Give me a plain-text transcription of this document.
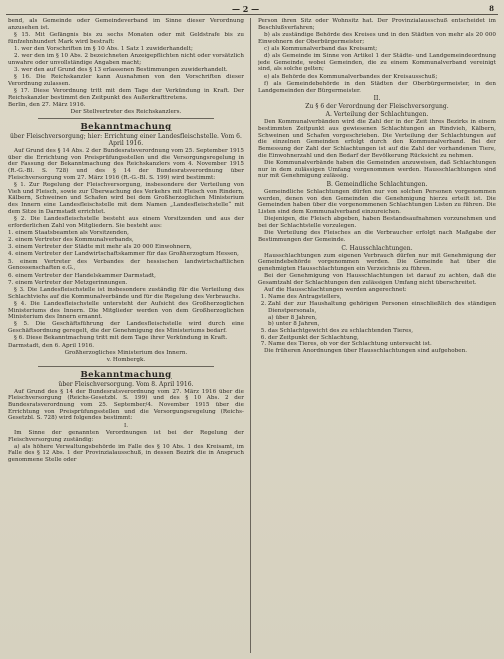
— 2 —	8

bend, als Gemeinde oder Gemeindeverband im Sinne dieser Verordnung anzusehen ist.

§ 15. Mit Gefängnis bis zu sechs Monaten oder mit Geldstrafe bis zu fünfzehnhundert Mark wird bestraft:

1. wer den Vorschriften im § 10 Abs. 1 Satz 1 zuwiderhandelt;

2. wer den im § 10 Abs. 2 bezeichneten Anzeigepflichten nicht oder vorsätzlich unwahre oder unvollständige Angaben macht;

3. wer den auf Grund des § 13 erlassenen Bestimmungen zuwiderhandelt.

§ 16. Die Reichskanzler kann Ausnahmen von den Vorschriften dieser Verordnung zulassen.

§ 17. Diese Verordnung tritt mit dem Tage der Verkündung in Kraft. Der Reichskanzler bestimmt den Zeitpunkt des Außerkrafttretens.

Berlin, den 27. März 1916.

Der Stellvertreter des Reichskanzlers.

Bekanntmachung
über Fleischversorgung; hier: Errichtung einer Landesfleischstelle. Vom 6. April 1916.

Auf Grund des § 14 Abs. 2 der Bundesratsverordnung vom 25. September 1915 über die Errichtung von Preisprüfungsstellen und die Versorgungsregelung in der Fassung der Bekanntmachung des Reichskanzlers vom 4. November 1915 (R.-G.-Bl. S. 728) und des § 14 der Bundesratsverordnung über Fleischversorgung vom 27. März 1916 (R.-G.-Bl. S. 199) wird bestimmt:

§ 1. Zur Regelung der Fleischversorgung, insbesondere der Verteilung von Vieh und Fleisch, sowie zur Überwachung des Verkehrs mit Fleisch von Rindern, Kälbern, Schweinen und Schafen wird bei dem Großherzoglichen Ministerium des Innern eine Landesfleischstelle mit dem Namen „Landesfleischstelle“ mit dem Sitze in Darmstadt errichtet.

§ 2. Die Landesfleischstelle besteht aus einem Vorsitzenden und aus der erforderlichen Zahl von Mitgliedern. Sie besteht aus:

1. einem Staatsbeamten als Vorsitzenden,

2. einem Vertreter des Kommunalverbands,

3. einem Vertreter der Städte mit mehr als 20 000 Einwohnern,

4. einem Vertreter der Landwirtschaftskammer für das Großherzogtum Hessen,

5. einem Vertreter des Verbandes der hessischen landwirtschaftlichen Genossenschaften e.G.,

6. einem Vertreter der Handelskammer Darmstadt,

7. einem Vertreter der Metzgerinnungen.

§ 3. Die Landesfleischstelle ist insbesondere zuständig für die Verteilung des Schlachtviehs auf die Kommunalverbände und für die Regelung des Verbrauchs.

§ 4. Die Landesfleischstelle untersteht der Aufsicht des Großherzoglichen Ministeriums des Innern. Die Mitglieder werden von dem Großherzoglichen Ministerium des Innern ernannt.

§ 5. Die Geschäftsführung der Landesfleischstelle wird durch eine Geschäftsordnung geregelt, die der Genehmigung des Ministeriums bedarf.

§ 6. Diese Bekanntmachung tritt mit dem Tage ihrer Verkündung in Kraft.

Darmstadt, den 6. April 1916.

Großherzogliches Ministerium des Innern.

v. Hombergk.

Bekanntmachung
über Fleischversorgung. Vom 8. April 1916.

Auf Grund des § 14 der Bundesratsverordnung vom 27. März 1916 über die Fleischversorgung (Reichs-Gesetzbl. S. 199) und des § 10 Abs. 2 der Bundesratsverordnung vom 25. September/4. November 1915 über die Errichtung von Preisprüfungsstellen und die Versorgungsregelung (Reichs-Gesetzbl. S. 728) wird folgendes bestimmt:

I.

Im Sinne der genannten Verordnungen ist bei der Regelung der Fleischversorgung zuständig:

a) als höhere Verwaltungsbehörde im Falle des § 10 Abs. 1 des Kreisamt, im Falle des § 12 Abs. 1 der Provinzialausschuß, in dessen Bezirk die in Anspruch genommene Stelle oder

Person ihren Sitz oder Wohnsitz hat. Der Provinzialausschuß entscheidet im Beschlußverfahren;

b) als zuständige Behörde des Kreises und in den Städten von mehr als 20 000 Einwohnern der Oberbürgermeister;

c) als Kommunalverband das Kreisamt;

d) als Gemeinde im Sinne von Artikel 1 der Städte- und Landgemeindeordnung jede Gemeinde, wobei Gemeinden, die zu einem Kommunalverband vereinigt sind, als solche gelten;

e) als Behörde des Kommunalverbandes der Kreisausschuß;

f) als Gemeindebehörde in den Städten der Oberbürgermeister, in den Landgemeinden der Bürgermeister.

II.
Zu § 6 der Verordnung der Fleischversorgung.
A. Verteilung der Schlachtungen.

Den Kommunalverbänden wird die Zahl der in der Zeit ihres Bezirks in einem bestimmten Zeitpunkt aus gewiesenen Schlachtungen an Rindvieh, Kälbern, Schweinen und Schafen vorgeschrieben. Die Verteilung der Schlachtungen auf die einzelnen Gemeinden erfolgt durch den Kommunalverband. Bei der Bemessung der Zahl der Schlachtungen ist auf die Zahl der vorhandenen Tiere, die Einwohnerzahl und den Bedarf der Bevölkerung Rücksicht zu nehmen.

Die Kommunalverbände haben die Gemeinden anzuweisen, daß Schlachtungen nur in dem zulässigen Umfang vorgenommen werden. Hausschlachtungen sind nur mit Genehmigung zulässig.

B. Gemeindliche Schlachtungen.

Gemeindliche Schlachtungen dürfen nur von solchen Personen vorgenommen werden, denen von den Gemeinden die Genehmigung hierzu erteilt ist. Die Gemeinden haben über die vorgenommenen Schlachtungen Listen zu führen. Die Listen sind dem Kommunalverband einzureichen.

Diejenigen, die Fleisch abgeben, haben Bestandsaufnahmen vorzunehmen und bei der Schlachtstelle vorzulegen.

Die Verteilung des Fleisches an die Verbraucher erfolgt nach Maßgabe der Bestimmungen der Gemeinde.

C. Hausschlachtungen.

Hausschlachtungen zum eigenen Verbrauch dürfen nur mit Genehmigung der Gemeindebehörde vorgenommen werden. Die Gemeinde hat über die genehmigten Hausschlachtungen ein Verzeichnis zu führen.

Bei der Genehmigung von Hausschlachtungen ist darauf zu achten, daß die Gesamtzahl der Schlachtungen den zulässigen Umfang nicht überschreitet.

Auf die Hausschlachtungen werden angerechnet:

1. Name des Antragstellers,
2. Zahl der zur Haushaltung gehörigen Personen einschließlich des ständigen Dienstpersonals,
a) über 8 Jahren,
b) unter 8 Jahren,
5. das Schlachtgewicht des zu schlachtenden Tieres,
6. der Zeitpunkt der Schlachtung,
7. Name des Tieres, ob vor der Schlachtung untersucht ist.

Die früheren Anordnungen über Hausschlachtungen sind aufgehoben.
